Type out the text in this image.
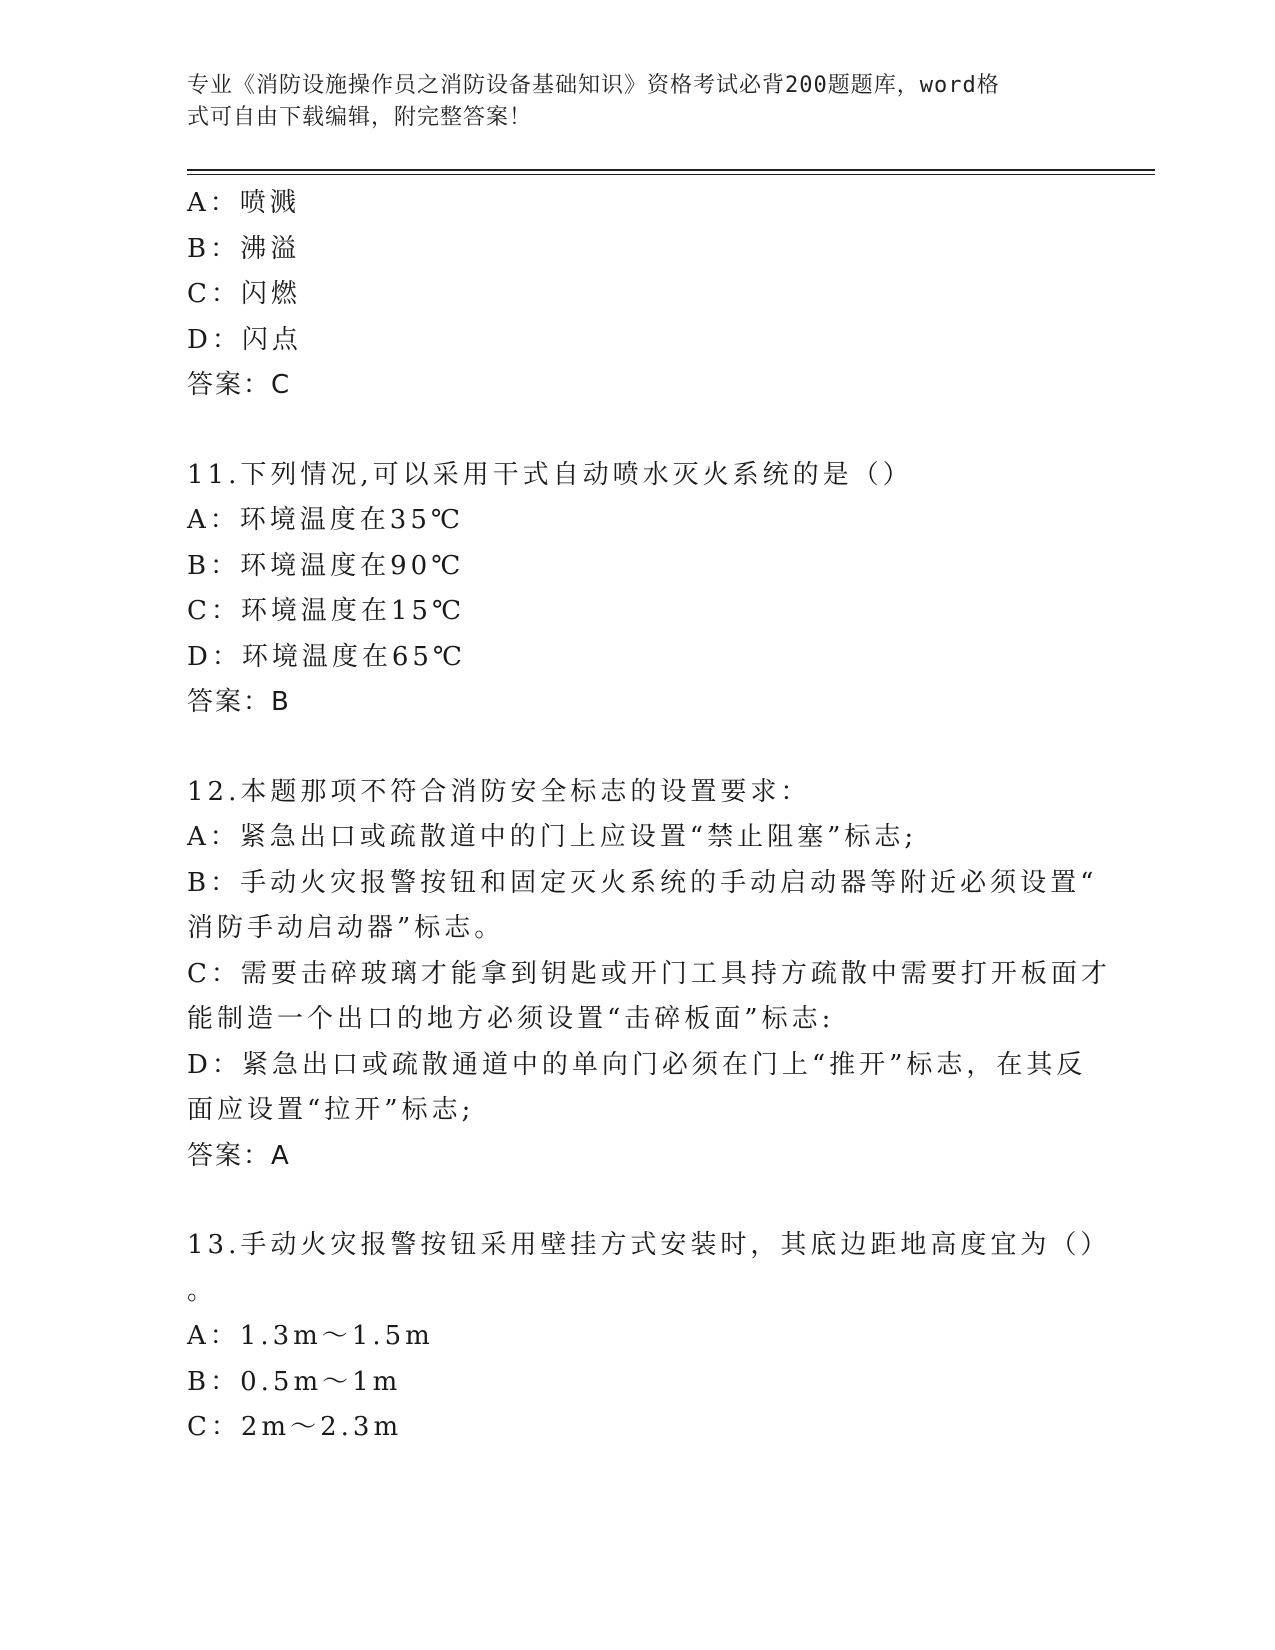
专业《消防设施操作员之消防设备基础知识》资格考试必背200题题库，word格
式可自由下载编辑，附完整答案！
A：喷溅
B：沸溢
C：闪燃
D：闪点
答案：C
11.下列情况,可以采用干式自动喷水灭火系统的是（）
A：环境温度在35℃
B：环境温度在90℃
C：环境温度在15℃
D：环境温度在65℃
答案：B
12.本题那项不符合消防安全标志的设置要求：
A：紧急出口或疏散道中的门上应设置“禁止阻塞”标志;
B：手动火灾报警按钮和固定灭火系统的手动启动器等附近必须设置“
消防手动启动器”标志。
C：需要击碎玻璃才能拿到钥匙或开门工具持方疏散中需要打开板面才
能制造一个出口的地方必须设置“击碎板面”标志:
D：紧急出口或疏散通道中的单向门必须在门上“推开”标志，在其反
面应设置“拉开”标志;
答案：A
13.手动火灾报警按钮采用壁挂方式安装时，其底边距地高度宜为（）
。
A：1.3m～1.5m
B：0.5m～1m
C：2m～2.3m
